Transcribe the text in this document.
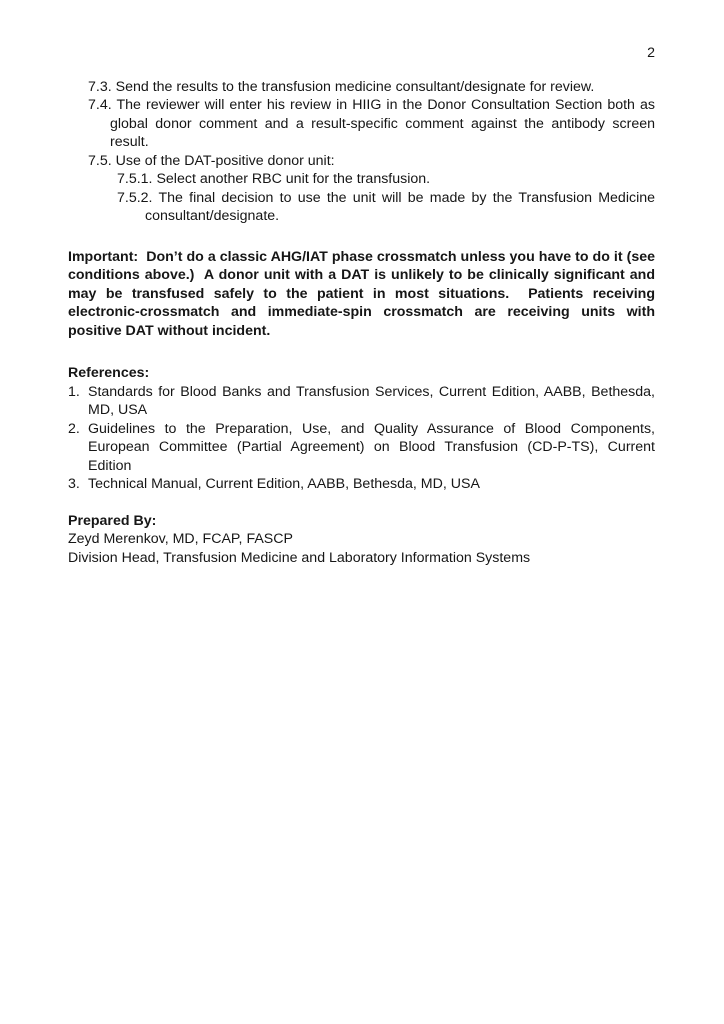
2
7.3. Send the results to the transfusion medicine consultant/designate for review.
7.4. The reviewer will enter his review in HIIG in the Donor Consultation Section both as global donor comment and a result-specific comment against the antibody screen result.
7.5. Use of the DAT-positive donor unit:
7.5.1. Select another RBC unit for the transfusion.
7.5.2. The final decision to use the unit will be made by the Transfusion Medicine consultant/designate.

Important:  Don’t do a classic AHG/IAT phase crossmatch unless you have to do it (see conditions above.)  A donor unit with a DAT is unlikely to be clinically significant and may be transfused safely to the patient in most situations.  Patients receiving electronic-crossmatch and immediate-spin crossmatch are receiving units with positive DAT without incident.

References:
1. Standards for Blood Banks and Transfusion Services, Current Edition, AABB, Bethesda, MD, USA
2. Guidelines to the Preparation, Use, and Quality Assurance of Blood Components, European Committee (Partial Agreement) on Blood Transfusion (CD-P-TS), Current Edition
3. Technical Manual, Current Edition, AABB, Bethesda, MD, USA
Prepared By:
Zeyd Merenkov, MD, FCAP, FASCP
Division Head, Transfusion Medicine and Laboratory Information Systems
